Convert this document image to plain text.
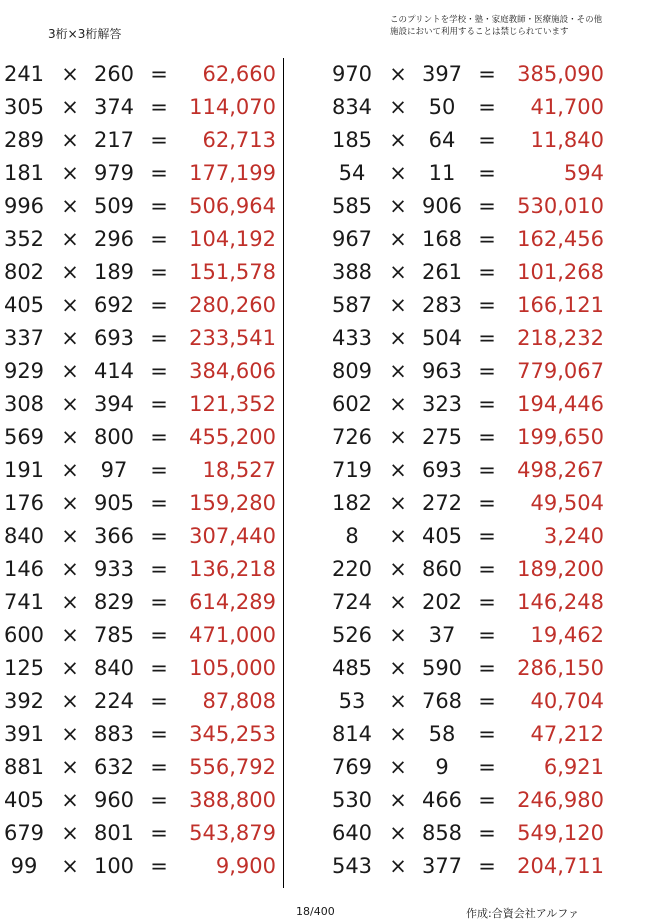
3桁×3桁解答
このプリントを学校・塾・家庭教師・医療施設・その他
施設において利用することは禁じられています
241 × 260 =	62,660
305 × 374 =	114,070
289 × 217 =	62,713
181 × 979 =	177,199
996 × 509 =	506,964
352 × 296 =	104,192
802 × 189 =	151,578
405 × 692 =	280,260
337 × 693 =	233,541
929 × 414 =	384,606
308 × 394 =	121,352
569 × 800 =	455,200
191 ×	97	=	18,527
176 × 905 =	159,280
840 × 366 =	307,440
146 × 933 =	136,218
741 × 829 =	614,289
600 × 785 =	471,000
125 × 840 =	105,000
392 × 224 =	87,808
391 × 883 =	345,253
881 × 632 =	556,792
405 × 960 =	388,800
679 × 801 =	543,879
99	× 100 =	9,900
970 × 397 =	385,090
834 ×	50	=	41,700
185 ×	64	=	11,840
54	×	11	=	594
585 × 906 =	530,010
967 × 168 =	162,456
388 × 261 =	101,268
587 × 283 =	166,121
433 × 504 =	218,232
809 × 963 =	779,067
602 × 323 =	194,446
726 × 275 =	199,650
719 × 693 =	498,267
182 × 272 =	49,504
8	× 405 =	3,240
220 × 860 =	189,200
724 × 202 =	146,248
526 ×	37	=	19,462
485 × 590 =	286,150
53	× 768 =	40,704
814 ×	58	=	47,212
769 ×	9	=	6,921
530 × 466 =	246,980
640 × 858 =	549,120
543 × 377 =	204,711
18/400	作成:合資会社アルファ
